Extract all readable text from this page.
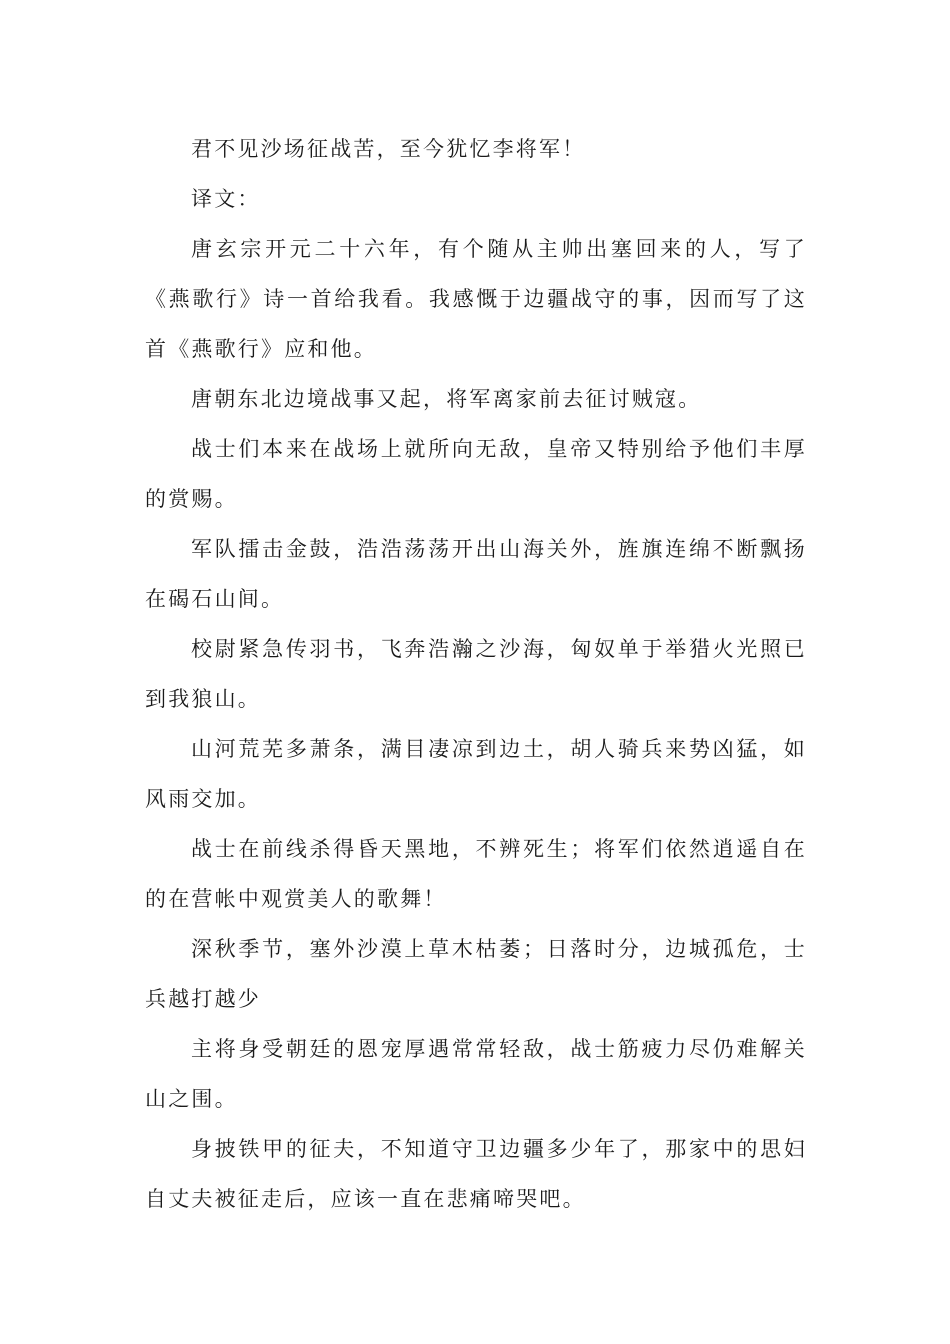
君不见沙场征战苦，至今犹忆李将军！

译文：

唐玄宗开元二十六年，有个随从主帅出塞回来的人，写了《燕歌行》诗一首给我看。我感慨于边疆战守的事，因而写了这首《燕歌行》应和他。

唐朝东北边境战事又起，将军离家前去征讨贼寇。

战士们本来在战场上就所向无敌，皇帝又特别给予他们丰厚的赏赐。

军队擂击金鼓，浩浩荡荡开出山海关外，旌旗连绵不断飘扬在碣石山间。

校尉紧急传羽书，飞奔浩瀚之沙海，匈奴单于举猎火光照已到我狼山。

山河荒芜多萧条，满目凄凉到边土，胡人骑兵来势凶猛，如风雨交加。

战士在前线杀得昏天黑地，不辨死生；将军们依然逍遥自在的在营帐中观赏美人的歌舞！

深秋季节，塞外沙漠上草木枯萎；日落时分，边城孤危，士兵越打越少

主将身受朝廷的恩宠厚遇常常轻敌，战士筋疲力尽仍难解关山之围。

身披铁甲的征夫，不知道守卫边疆多少年了，那家中的思妇自丈夫被征走后，应该一直在悲痛啼哭吧。
